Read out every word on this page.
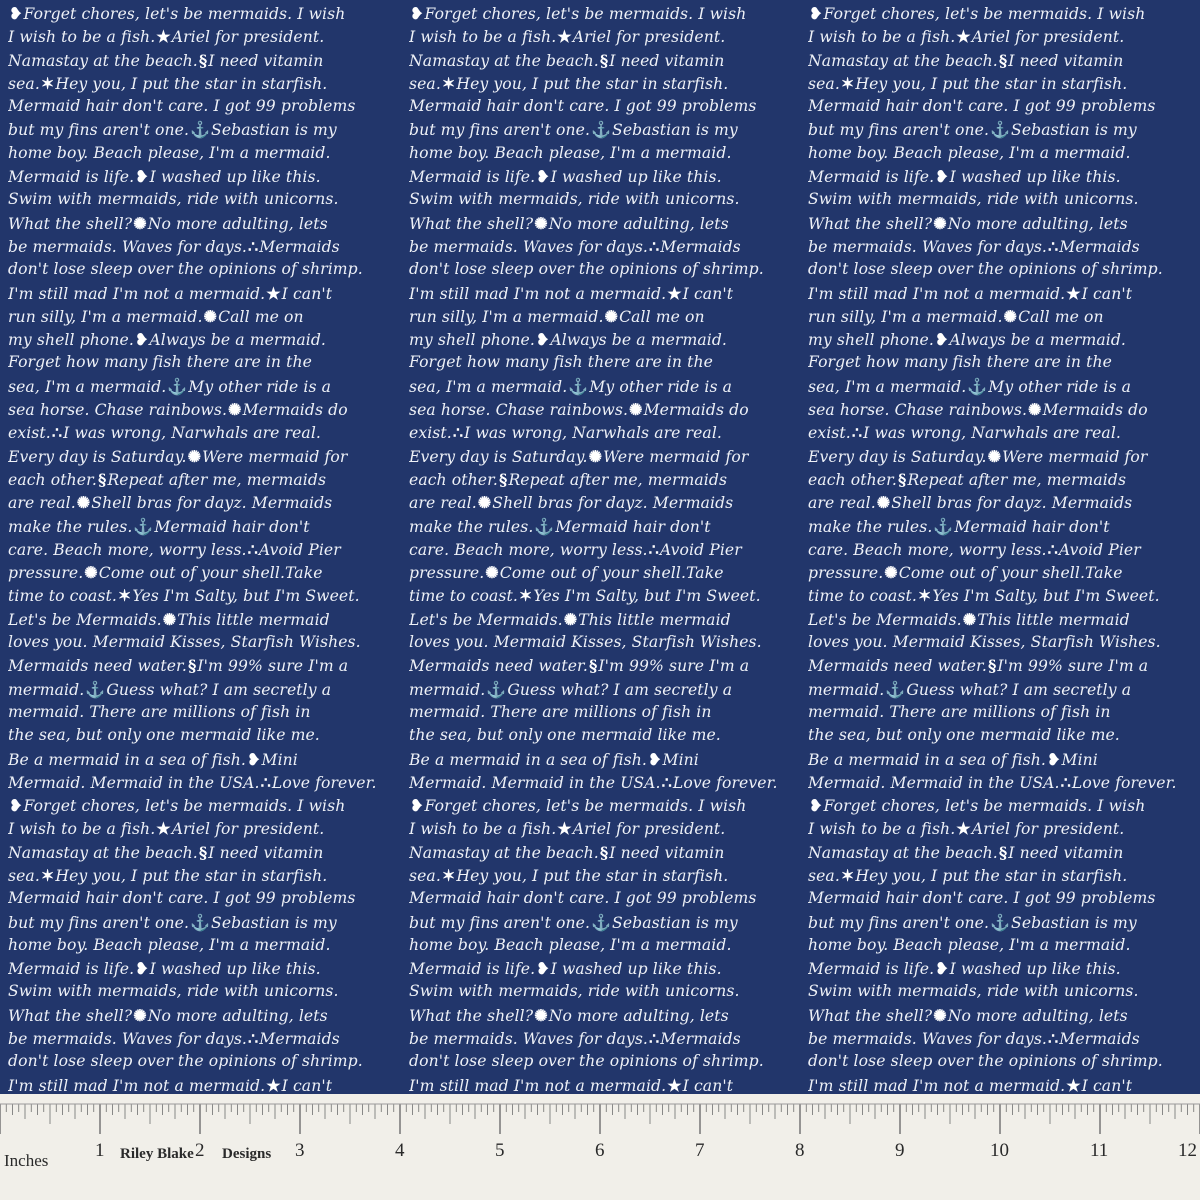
❥Forget chores, let's be mermaids. I wish
I wish to be a fish.★Ariel for president.
Namastay at the beach.§I need vitamin
sea.✶Hey you, I put the star in starfish.
Mermaid hair don't care. I got 99 problems
but my fins aren't one.⚓Sebastian is my
home boy. Beach please, I'm a mermaid.
Mermaid is life.❥I washed up like this.
Swim with mermaids, ride with unicorns.
What the shell?✺No more adulting, lets
be mermaids. Waves for days.∴Mermaids
don't lose sleep over the opinions of shrimp.
I'm still mad I'm not a mermaid.★I can't
run silly, I'm a mermaid.✺Call me on
my shell phone.❥Always be a mermaid.
Forget how many fish there are in the
sea, I'm a mermaid.⚓My other ride is a
sea horse. Chase rainbows.✺Mermaids do
exist.∴I was wrong, Narwhals are real.
Every day is Saturday.✺Were mermaid for
each other.§Repeat after me, mermaids
are real.✺Shell bras for dayz. Mermaids
make the rules.⚓Mermaid hair don't
care. Beach more, worry less.∴Avoid Pier
pressure.✺Come out of your shell.Take
time to coast.✶Yes I'm Salty, but I'm Sweet.
Let's be Mermaids.✺This little mermaid
loves you. Mermaid Kisses, Starfish Wishes.
Mermaids need water.§I'm 99% sure I'm a
mermaid.⚓Guess what? I am secretly a
mermaid. There are millions of fish in
the sea, but only one mermaid like me.
Be a mermaid in a sea of fish.❥Mini
Mermaid. Mermaid in the USA.∴Love forever.
❥Forget chores, let's be mermaids. I wish
I wish to be a fish.★Ariel for president.
Namastay at the beach.§I need vitamin
sea.✶Hey you, I put the star in starfish.
Mermaid hair don't care. I got 99 problems
but my fins aren't one.⚓Sebastian is my
home boy. Beach please, I'm a mermaid.
Mermaid is life.❥I washed up like this.
Swim with mermaids, ride with unicorns.
What the shell?✺No more adulting, lets
be mermaids. Waves for days.∴Mermaids
don't lose sleep over the opinions of shrimp.
I'm still mad I'm not a mermaid.★I can't
❥Forget chores, let's be mermaids. I wish
I wish to be a fish.★Ariel for president.
Namastay at the beach.§I need vitamin
sea.✶Hey you, I put the star in starfish.
Mermaid hair don't care. I got 99 problems
but my fins aren't one.⚓Sebastian is my
home boy. Beach please, I'm a mermaid.
Mermaid is life.❥I washed up like this.
Swim with mermaids, ride with unicorns.
What the shell?✺No more adulting, lets
be mermaids. Waves for days.∴Mermaids
don't lose sleep over the opinions of shrimp.
I'm still mad I'm not a mermaid.★I can't
run silly, I'm a mermaid.✺Call me on
my shell phone.❥Always be a mermaid.
Forget how many fish there are in the
sea, I'm a mermaid.⚓My other ride is a
sea horse. Chase rainbows.✺Mermaids do
exist.∴I was wrong, Narwhals are real.
Every day is Saturday.✺Were mermaid for
each other.§Repeat after me, mermaids
are real.✺Shell bras for dayz. Mermaids
make the rules.⚓Mermaid hair don't
care. Beach more, worry less.∴Avoid Pier
pressure.✺Come out of your shell.Take
time to coast.✶Yes I'm Salty, but I'm Sweet.
Let's be Mermaids.✺This little mermaid
loves you. Mermaid Kisses, Starfish Wishes.
Mermaids need water.§I'm 99% sure I'm a
mermaid.⚓Guess what? I am secretly a
mermaid. There are millions of fish in
the sea, but only one mermaid like me.
Be a mermaid in a sea of fish.❥Mini
Mermaid. Mermaid in the USA.∴Love forever.
❥Forget chores, let's be mermaids. I wish
I wish to be a fish.★Ariel for president.
Namastay at the beach.§I need vitamin
sea.✶Hey you, I put the star in starfish.
Mermaid hair don't care. I got 99 problems
but my fins aren't one.⚓Sebastian is my
home boy. Beach please, I'm a mermaid.
Mermaid is life.❥I washed up like this.
Swim with mermaids, ride with unicorns.
What the shell?✺No more adulting, lets
be mermaids. Waves for days.∴Mermaids
don't lose sleep over the opinions of shrimp.
I'm still mad I'm not a mermaid.★I can't
❥Forget chores, let's be mermaids. I wish
I wish to be a fish.★Ariel for president.
Namastay at the beach.§I need vitamin
sea.✶Hey you, I put the star in starfish.
Mermaid hair don't care. I got 99 problems
but my fins aren't one.⚓Sebastian is my
home boy. Beach please, I'm a mermaid.
Mermaid is life.❥I washed up like this.
Swim with mermaids, ride with unicorns.
What the shell?✺No more adulting, lets
be mermaids. Waves for days.∴Mermaids
don't lose sleep over the opinions of shrimp.
I'm still mad I'm not a mermaid.★I can't
run silly, I'm a mermaid.✺Call me on
my shell phone.❥Always be a mermaid.
Forget how many fish there are in the
sea, I'm a mermaid.⚓My other ride is a
sea horse. Chase rainbows.✺Mermaids do
exist.∴I was wrong, Narwhals are real.
Every day is Saturday.✺Were mermaid for
each other.§Repeat after me, mermaids
are real.✺Shell bras for dayz. Mermaids
make the rules.⚓Mermaid hair don't
care. Beach more, worry less.∴Avoid Pier
pressure.✺Come out of your shell.Take
time to coast.✶Yes I'm Salty, but I'm Sweet.
Let's be Mermaids.✺This little mermaid
loves you. Mermaid Kisses, Starfish Wishes.
Mermaids need water.§I'm 99% sure I'm a
mermaid.⚓Guess what? I am secretly a
mermaid. There are millions of fish in
the sea, but only one mermaid like me.
Be a mermaid in a sea of fish.❥Mini
Mermaid. Mermaid in the USA.∴Love forever.
❥Forget chores, let's be mermaids. I wish
I wish to be a fish.★Ariel for president.
Namastay at the beach.§I need vitamin
sea.✶Hey you, I put the star in starfish.
Mermaid hair don't care. I got 99 problems
but my fins aren't one.⚓Sebastian is my
home boy. Beach please, I'm a mermaid.
Mermaid is life.❥I washed up like this.
Swim with mermaids, ride with unicorns.
What the shell?✺No more adulting, lets
be mermaids. Waves for days.∴Mermaids
don't lose sleep over the opinions of shrimp.
I'm still mad I'm not a mermaid.★I can't
Inches	Riley Blake Designs
1	2	3	4	5	6	7	8	9	10	11	12
